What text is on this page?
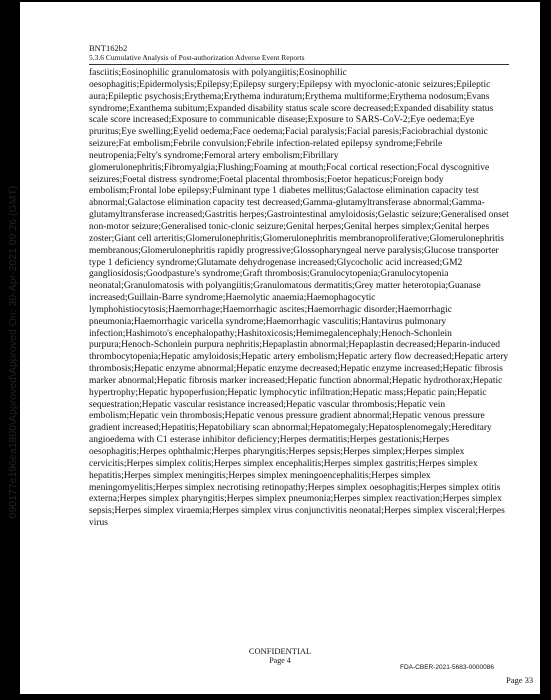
BNT162b2
5.3.6 Cumulative Analysis of Post-authorization Adverse Event Reports

fasciitis;Eosinophilic granulomatosis with polyangiitis;Eosinophilic oesophagitis;Epidermolysis;Epilepsy;Epilepsy surgery;Epilepsy with myoclonic-atonic seizures;Epileptic aura;Epileptic psychosis;Erythema;Erythema induratum;Erythema multiforme;Erythema nodosum;Evans syndrome;Exanthema subitum;Expanded disability status scale score decreased;Expanded disability status scale score increased;Exposure to communicable disease;Exposure to SARS-CoV-2;Eye oedema;Eye pruritus;Eye swelling;Eyelid oedema;Face oedema;Facial paralysis;Facial paresis;Faciobrachial dystonic seizure;Fat embolism;Febrile convulsion;Febrile infection-related epilepsy syndrome;Febrile neutropenia;Felty's syndrome;Femoral artery embolism;Fibrillary glomerulonephritis;Fibromyalgia;Flushing;Foaming at mouth;Focal cortical resection;Focal dyscognitive seizures;Foetal distress syndrome;Foetal placental thrombosis;Foetor hepaticus;Foreign body embolism;Frontal lobe epilepsy;Fulminant type 1 diabetes mellitus;Galactose elimination capacity test abnormal;Galactose elimination capacity test decreased;Gamma-glutamyltransferase abnormal;Gamma-glutamyltransferase increased;Gastritis herpes;Gastrointestinal amyloidosis;Gelastic seizure;Generalised onset non-motor seizure;Generalised tonic-clonic seizure;Genital herpes;Genital herpes simplex;Genital herpes zoster;Giant cell arteritis;Glomerulonephritis;Glomerulonephritis membranoproliferative;Glomerulonephritis membranous;Glomerulonephritis rapidly progressive;Glossopharyngeal nerve paralysis;Glucose transporter type 1 deficiency syndrome;Glutamate dehydrogenase increased;Glycocholic acid increased;GM2 gangliosidosis;Goodpasture's syndrome;Graft thrombosis;Granulocytopenia;Granulocytopenia neonatal;Granulomatosis with polyangiitis;Granulomatous dermatitis;Grey matter heterotopia;Guanase increased;Guillain-Barre syndrome;Haemolytic anaemia;Haemophagocytic lymphohistiocytosis;Haemorrhage;Haemorrhagic ascites;Haemorrhagic disorder;Haemorrhagic pneumonia;Haemorrhagic varicella syndrome;Haemorrhagic vasculitis;Hantavirus pulmonary infection;Hashimoto's encephalopathy;Hashitoxicosis;Hemimegalencephaly;Henoch-Schonlein purpura;Henoch-Schonlein purpura nephritis;Hepaplastin abnormal;Hepaplastin decreased;Heparin-induced thrombocytopenia;Hepatic amyloidosis;Hepatic artery embolism;Hepatic artery flow decreased;Hepatic artery thrombosis;Hepatic enzyme abnormal;Hepatic enzyme decreased;Hepatic enzyme increased;Hepatic fibrosis marker abnormal;Hepatic fibrosis marker increased;Hepatic function abnormal;Hepatic hydrothorax;Hepatic hypertrophy;Hepatic hypoperfusion;Hepatic lymphocytic infiltration;Hepatic mass;Hepatic pain;Hepatic sequestration;Hepatic vascular resistance increased;Hepatic vascular thrombosis;Hepatic vein embolism;Hepatic vein thrombosis;Hepatic venous pressure gradient abnormal;Hepatic venous pressure gradient increased;Hepatitis;Hepatobiliary scan abnormal;Hepatomegaly;Hepatosplenomegaly;Hereditary angioedema with C1 esterase inhibitor deficiency;Herpes dermatitis;Herpes gestationis;Herpes oesophagitis;Herpes ophthalmic;Herpes pharyngitis;Herpes sepsis;Herpes simplex;Herpes simplex cervicitis;Herpes simplex colitis;Herpes simplex encephalitis;Herpes simplex gastritis;Herpes simplex hepatitis;Herpes simplex meningitis;Herpes simplex meningoencephalitis;Herpes simplex meningomyelitis;Herpes simplex necrotising retinopathy;Herpes simplex oesophagitis;Herpes simplex otitis externa;Herpes simplex pharyngitis;Herpes simplex pneumonia;Herpes simplex reactivation;Herpes simplex sepsis;Herpes simplex viraemia;Herpes simplex virus conjunctivitis neonatal;Herpes simplex visceral;Herpes virus

CONFIDENTIAL
Page 4
FDA-CBER-2021-5683-0000086
Page 33
090177e196ea1800\Approved\Approved On: 30-Apr-2021 09:26 (GMT)
